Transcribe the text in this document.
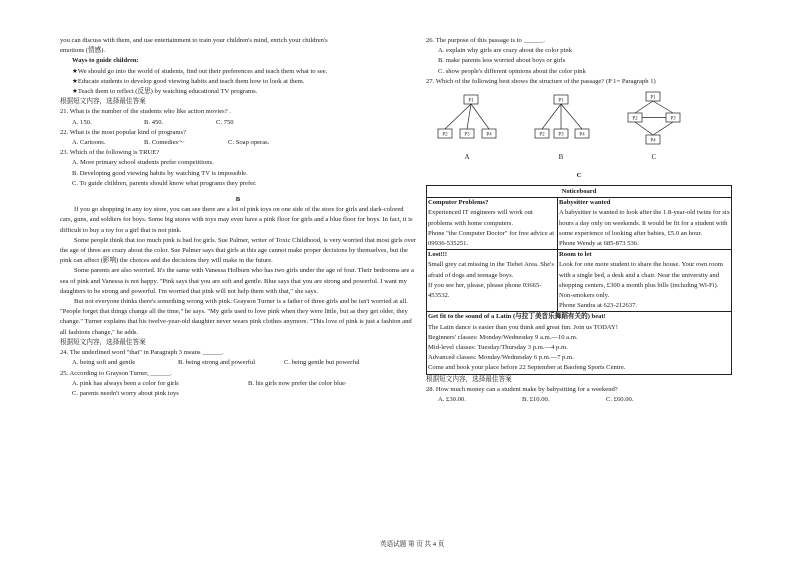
you can discuss with them, and use entertainment to train your children's mind, enrich your children's

emotions (情感).

Ways to guide children:

★We should go into the world of students, find out their preferences and teach them what to see.

★Educate students to develop good viewing habits and teach them how to look at them.

★Teach them to reflect (反思) by watching educational TV programs.

根据短文内容，选择最佳答案

21. What is the number of the students who like action movies? .

A. 150.	B. 450.	C. 750

22. What is the most popular kind of programs?

A. Cartoons.	B. Comedies～	C. Soap operas.

23. Which of the following is TRUE?

A. More primary school students prefer competitions.

B. Developing good viewing habits by watching TV is impossible.

C. To guide children, parents should know what programs they prefer.

B

If you go shopping in any toy store, you can see there are a lot of pink toys on one side of the store for girls and dark-colored cars, guns, and soldiers for boys. Some big stores with toys may even have a pink floor for girls and a blue floor for boys. In fact, it is difficult to buy a toy for a girl that is not pink.

Some people think that too much pink is bad for girls. Sue Palmer, writer of Toxic Childhood, is very worried that most girls over the age of three are crazy about the color. Sue Palmer says that girls at this age cannot make proper decisions by themselves, but the pink can affect (影响) the choices and the decisions they will make in the future.

Some parents are also worried. It's the same with Vanessa Holburn who has two girls under the age of four. Their bedrooms are a sea of pink and Vanessa is not happy. "Pink says that you are soft and gentle. Blue says that you are strong and powerful. I want my daughters to be strong and powerful. I'm worried that pink will not help them with that," she says.

But not everyone thinks there's something wrong with pink. Grayson Turner is a father of three girls and he isn't worried at all. "People forget that things change all the time," he says. "My girls used to love pink when they were little, but as they get older, they change." Turner explains that his twelve-year-old daughter never wears pink clothes anymore. "This love of pink is just a fashion and all fashions change," he adds.

根据短文内容，选择最佳答案

24. The underlined word "that" in Paragraph 3 means ______.

A. being soft and gentle	B. being strong and powerful	C. being gentle but powerful

25. According to Grayson Turner, ______.

A. pink has always been a color for girls	B. his girls now prefer the color blue·

C. parents needn't worry about pink toys

26. The purpose of this passage is to ______.

A. explain why girls are crazy about the color pink

B. make parents less worried about boys or girls

C. show people's different opinions about the color pink

27. Which of the following best shows the structure of the passage? (P 1= Paragraph 1)

P1
P2	P3	P4
P1
P2	P3	P4
P1
P2	P3
P4
A	B	C

C

Noticeboard

Computer Problems?

Experienced IT engineers will work out problems with home computers.

Phone "the Computer Doctor" for free advice at 09936-535251.

Babysitter wanted

A babysitter is wanted to look after the 1.8-year-old twins for six hours a day only on weekends. It would be fit for a student with some experience of looking after babies, £5.0 an hour.

Phone Wendy at 685-873 536.

Lost!!!

Small grey cat missing in the Tiebei Area. She's afraid of dogs and teenage boys.

If you see her, please, please phone 03665-453532.

Room to let

Look for one more student to share the house. Your own room with a single bed, a desk and a chair. Near the university and shopping centers, £300 a month plus bills (including Wi-Fi). Non-smokers only.

Phone Sandra at 623-212637.

Get fit to the sound of a Latin (与拉丁美音乐舞蹈有关的) beat!

The Latin dance is easier than you think and great fun. Join us TODAY!

Beginners' classes: Monday/Wednesday 9 a.m.—10 a.m.

Mid-level classes: Tuesday/Thursday 3 p.m.—4 p.m.

Advanced classes: Monday/Wednesday 6 p.m.—7 p.m.

Come and book your place before 22 September at Baofeng Sports Centre.

根据短文内容，选择最佳答案

28. How much money can a student make by babysitting for a weekend?

A. £30.00.	B. £10.00.	C. £60.00.
英语试题 第 页 共 4 页
